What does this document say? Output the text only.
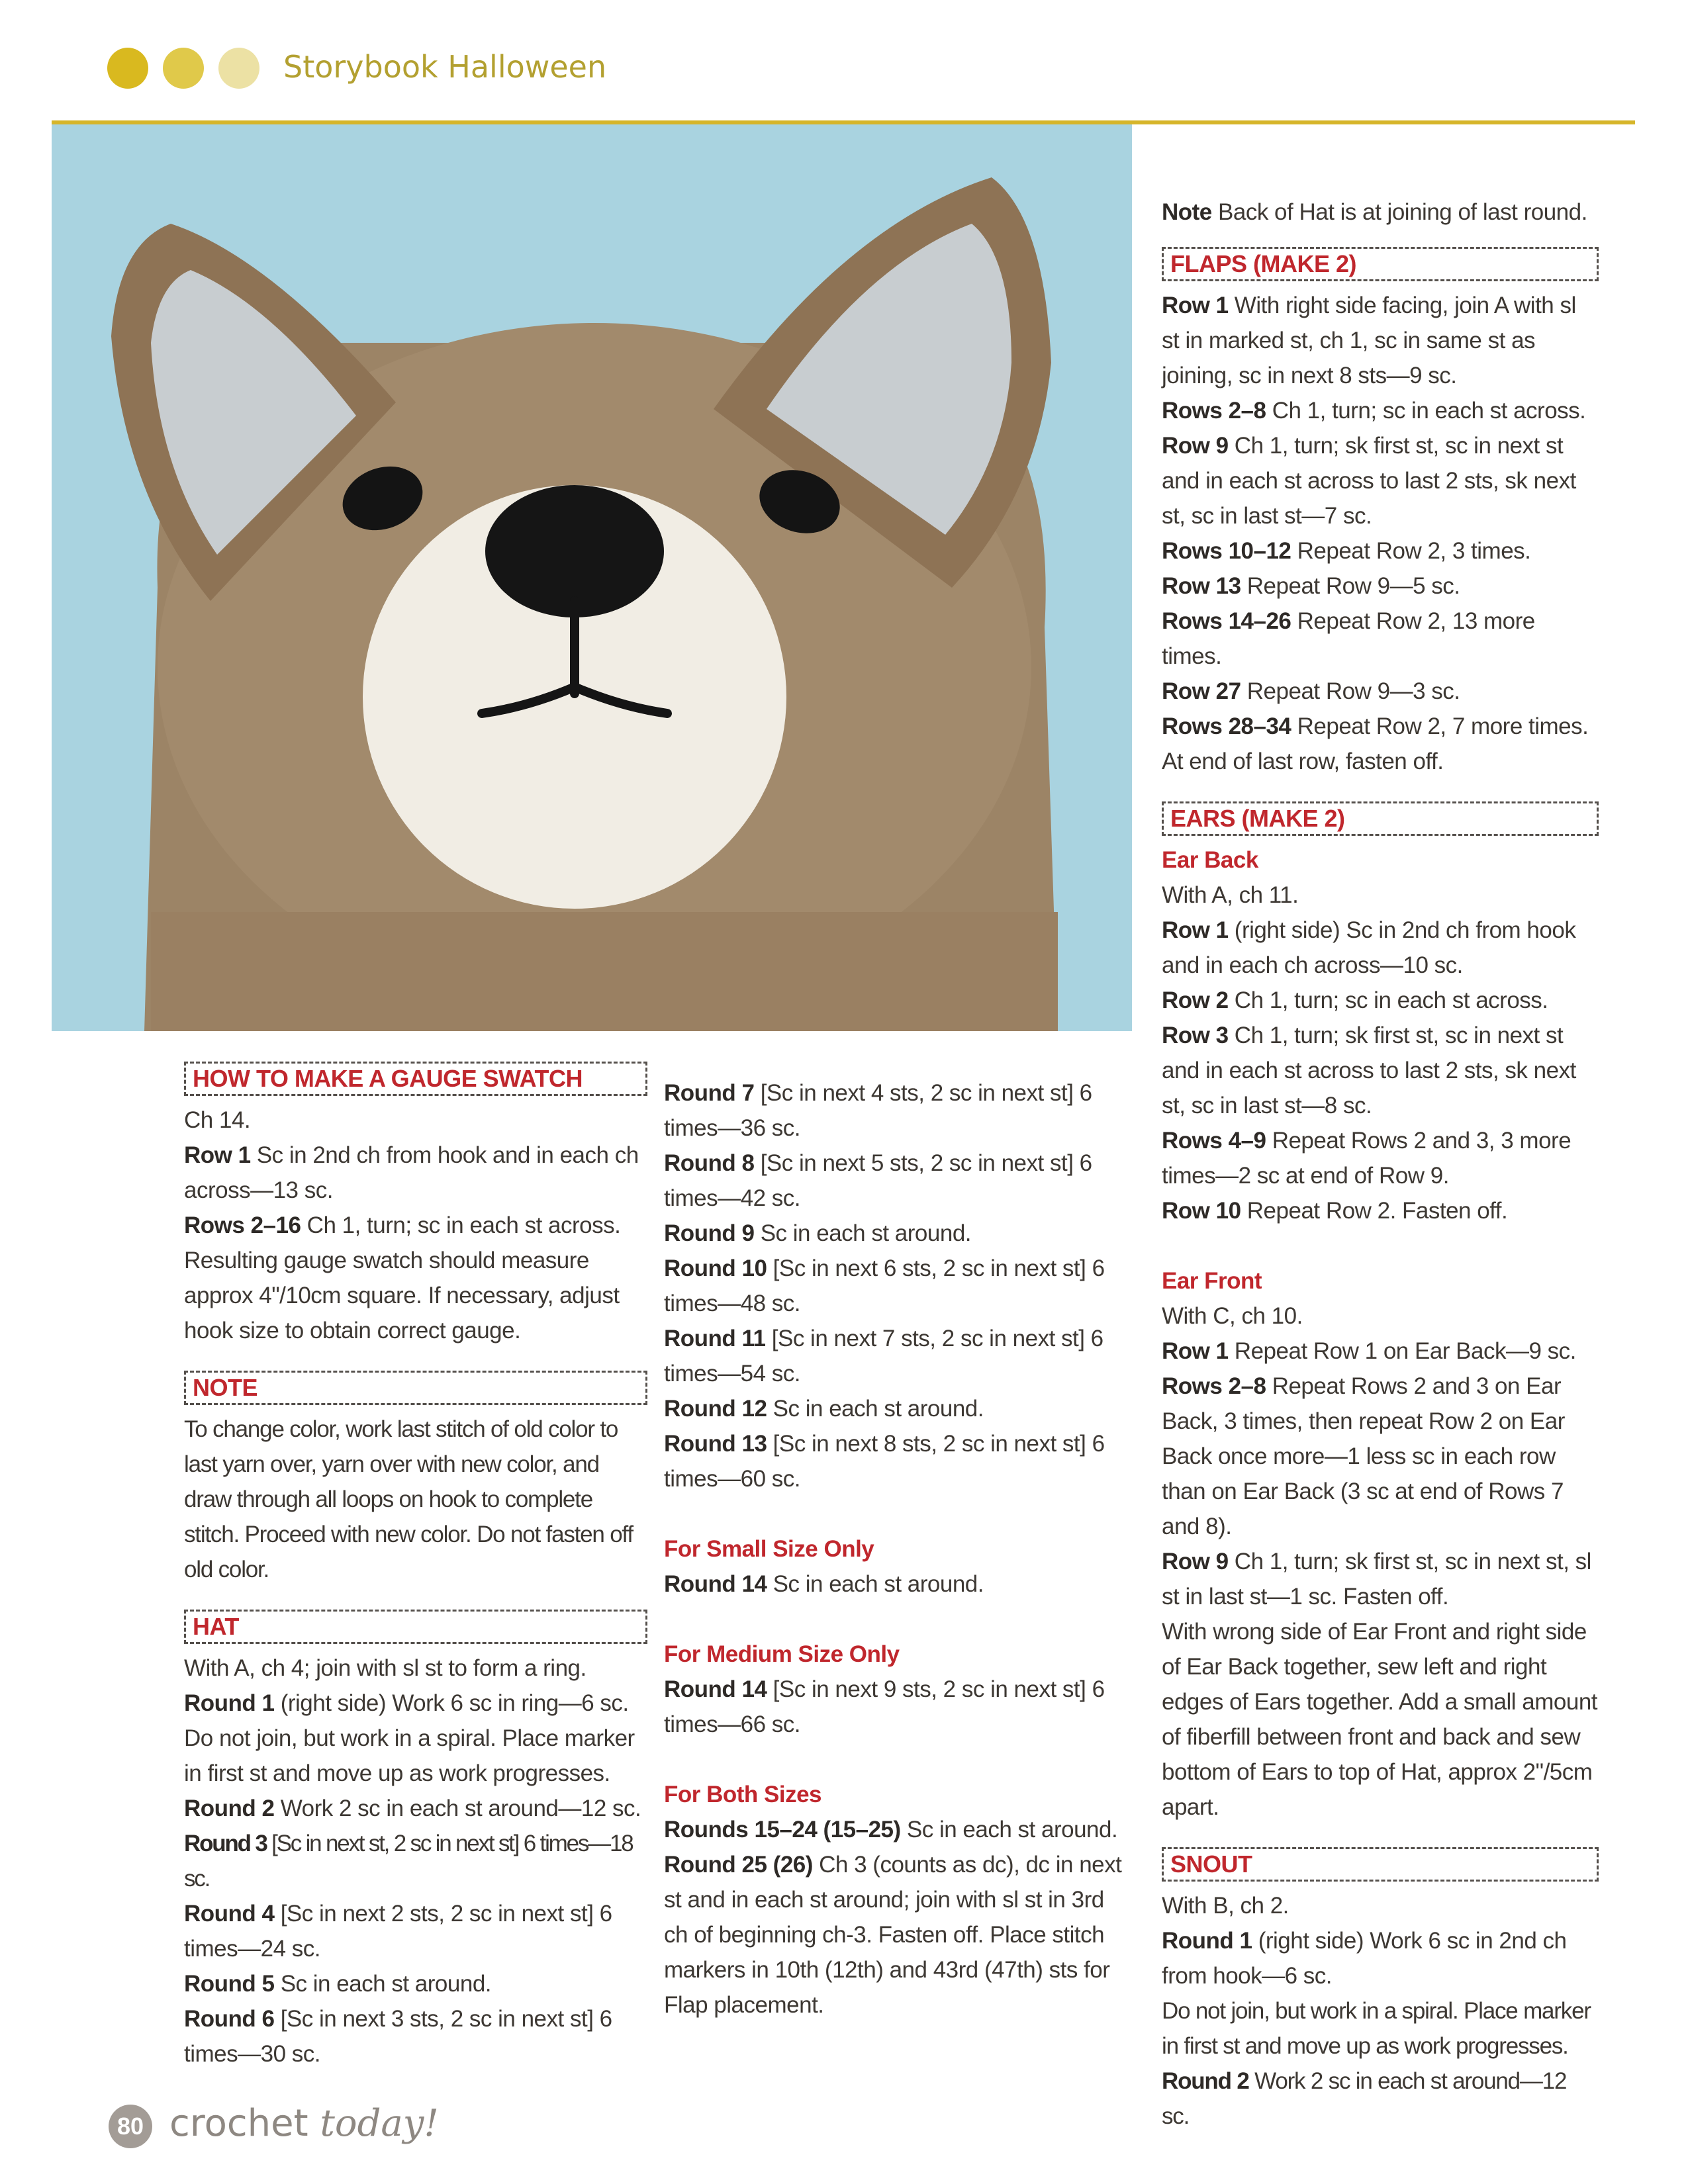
Storybook Halloween
HOW TO MAKE A GAUGE SWATCH

Ch 14.

Row 1 Sc in 2nd ch from hook and in each ch across—13 sc.

Rows 2–16 Ch 1, turn; sc in each st across. Resulting gauge swatch should measure approx 4"/10cm square. If necessary, adjust hook size to obtain correct gauge.

NOTE

To change color, work last stitch of old color to last yarn over, yarn over with new color, and draw through all loops on hook to complete stitch. Proceed with new color. Do not fasten off old color.

HAT

With A, ch 4; join with sl st to form a ring.

Round 1 (right side) Work 6 sc in ring—6 sc. Do not join, but work in a spiral. Place marker in first st and move up as work progresses.

Round 2 Work 2 sc in each st around—12 sc.

Round 3 [Sc in next st, 2 sc in next st] 6 times—18 sc.

Round 4 [Sc in next 2 sts, 2 sc in next st] 6 times—24 sc.

Round 5 Sc in each st around.

Round 6 [Sc in next 3 sts, 2 sc in next st] 6 times—30 sc.

Round 7 [Sc in next 4 sts, 2 sc in next st] 6 times—36 sc.

Round 8 [Sc in next 5 sts, 2 sc in next st] 6 times—42 sc.

Round 9 Sc in each st around.

Round 10 [Sc in next 6 sts, 2 sc in next st] 6 times—48 sc.

Round 11 [Sc in next 7 sts, 2 sc in next st] 6 times—54 sc.

Round 12 Sc in each st around.

Round 13 [Sc in next 8 sts, 2 sc in next st] 6 times—60 sc.

For Small Size Only

Round 14 Sc in each st around.

For Medium Size Only

Round 14 [Sc in next 9 sts, 2 sc in next st] 6 times—66 sc.

For Both Sizes

Rounds 15–24 (15–25) Sc in each st around.

Round 25 (26) Ch 3 (counts as dc), dc in next st and in each st around; join with sl st in 3rd ch of beginning ch-3. Fasten off. Place stitch markers in 10th (12th) and 43rd (47th) sts for Flap placement.

Note Back of Hat is at joining of last round.

FLAPS (MAKE 2)

Row 1 With right side facing, join A with sl st in marked st, ch 1, sc in same st as joining, sc in next 8 sts—9 sc.

Rows 2–8 Ch 1, turn; sc in each st across.

Row 9 Ch 1, turn; sk first st, sc in next st and in each st across to last 2 sts, sk next st, sc in last st—7 sc.

Rows 10–12 Repeat Row 2, 3 times.

Row 13 Repeat Row 9—5 sc.

Rows 14–26 Repeat Row 2, 13 more times.

Row 27 Repeat Row 9—3 sc.

Rows 28–34 Repeat Row 2, 7 more times. At end of last row, fasten off.

EARS (MAKE 2)

Ear Back

With A, ch 11.

Row 1 (right side) Sc in 2nd ch from hook and in each ch across—10 sc.

Row 2 Ch 1, turn; sc in each st across.

Row 3 Ch 1, turn; sk first st, sc in next st and in each st across to last 2 sts, sk next st, sc in last st—8 sc.

Rows 4–9 Repeat Rows 2 and 3, 3 more times—2 sc at end of Row 9.

Row 10 Repeat Row 2. Fasten off.

Ear Front

With C, ch 10.

Row 1 Repeat Row 1 on Ear Back—9 sc.

Rows 2–8 Repeat Rows 2 and 3 on Ear Back, 3 times, then repeat Row 2 on Ear Back once more—1 less sc in each row than on Ear Back (3 sc at end of Rows 7 and 8).

Row 9 Ch 1, turn; sk first st, sc in next st, sl st in last st—1 sc. Fasten off.

With wrong side of Ear Front and right side of Ear Back together, sew left and right edges of Ears together. Add a small amount of fiberfill between front and back and sew bottom of Ears to top of Hat, approx 2"/5cm apart.

SNOUT

With B, ch 2.

Round 1 (right side) Work 6 sc in 2nd ch from hook—6 sc.

Do not join, but work in a spiral. Place marker in first st and move up as work progresses.

Round 2 Work 2 sc in each st around—12 sc.

80 crochet today!
